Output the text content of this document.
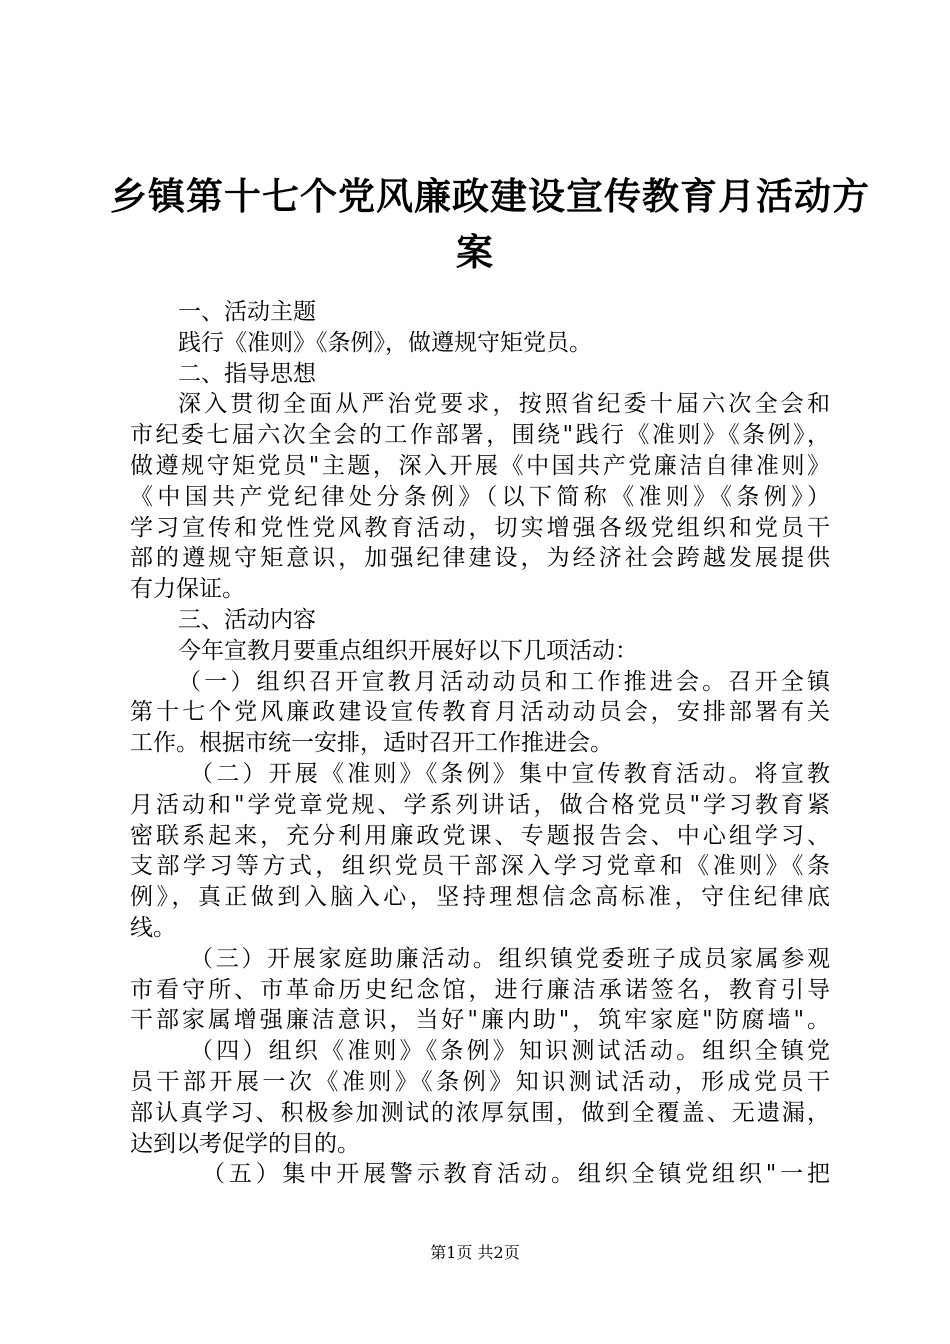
乡镇第十七个党风廉政建设宣传教育月活动方
案
一、活动主题
践行《准则》《条例》，做遵规守矩党员。
二、指导思想
深入贯彻全面从严治党要求，按照省纪委十届六次全会和
市纪委七届六次全会的工作部署，围绕"践行《准则》《条例》，
做遵规守矩党员"主题，深入开展《中国共产党廉洁自律准则》
《中国共产党纪律处分条例》（以下简称《准则》《条例》）
学习宣传和党性党风教育活动，切实增强各级党组织和党员干
部的遵规守矩意识，加强纪律建设，为经济社会跨越发展提供
有力保证。
三、活动内容
今年宣教月要重点组织开展好以下几项活动：
（一）组织召开宣教月活动动员和工作推进会。召开全镇
第十七个党风廉政建设宣传教育月活动动员会，安排部署有关
工作。根据市统一安排，适时召开工作推进会。
（二）开展《准则》《条例》集中宣传教育活动。将宣教
月活动和"学党章党规、学系列讲话，做合格党员"学习教育紧
密联系起来，充分利用廉政党课、专题报告会、中心组学习、
支部学习等方式，组织党员干部深入学习党章和《准则》《条
例》，真正做到入脑入心，坚持理想信念高标准，守住纪律底
线。
（三）开展家庭助廉活动。组织镇党委班子成员家属参观
市看守所、市革命历史纪念馆，进行廉洁承诺签名，教育引导
干部家属增强廉洁意识，当好"廉内助"，筑牢家庭"防腐墙"。
（四）组织《准则》《条例》知识测试活动。组织全镇党
员干部开展一次《准则》《条例》知识测试活动，形成党员干
部认真学习、积极参加测试的浓厚氛围，做到全覆盖、无遗漏，
达到以考促学的目的。
（五）集中开展警示教育活动。组织全镇党组织"一把
第1页 共2页
